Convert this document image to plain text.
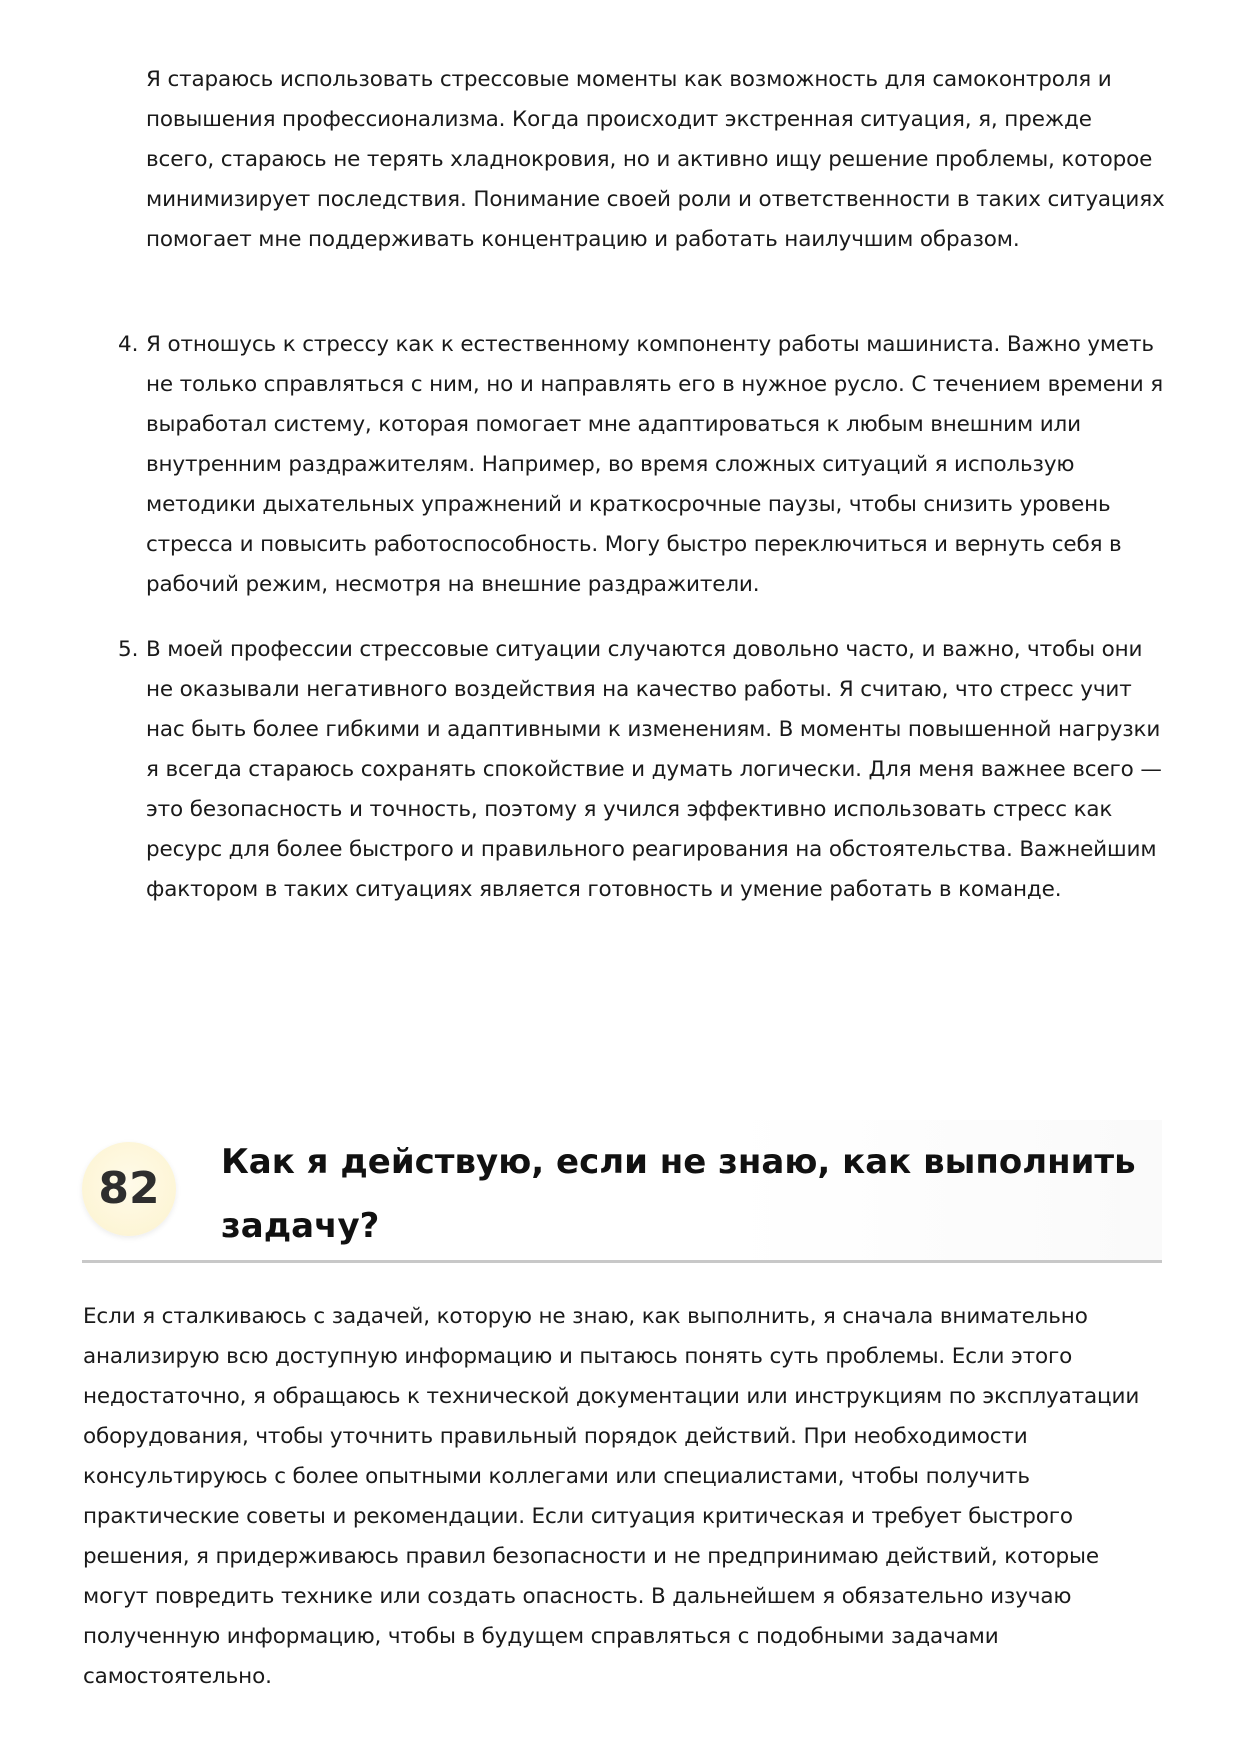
Я стараюсь использовать стрессовые моменты как возможность для самоконтроля и повышения профессионализма. Когда происходит экстренная ситуация, я, прежде всего, стараюсь не терять хладнокровия, но и активно ищу решение проблемы, которое минимизирует последствия. Понимание своей роли и ответственности в таких ситуациях помогает мне поддерживать концентрацию и работать наилучшим образом.

4. Я отношусь к стрессу как к естественному компоненту работы машиниста. Важно уметь не только справляться с ним, но и направлять его в нужное русло. С течением времени я выработал систему, которая помогает мне адаптироваться к любым внешним или внутренним раздражителям. Например, во время сложных ситуаций я использую методики дыхательных упражнений и краткосрочные паузы, чтобы снизить уровень стресса и повысить работоспособность. Могу быстро переключиться и вернуть себя в рабочий режим, несмотря на внешние раздражители.

5. В моей профессии стрессовые ситуации случаются довольно часто, и важно, чтобы они не оказывали негативного воздействия на качество работы. Я считаю, что стресс учит нас быть более гибкими и адаптивными к изменениям. В моменты повышенной нагрузки я всегда стараюсь сохранять спокойствие и думать логически. Для меня важнее всего — это безопасность и точность, поэтому я учился эффективно использовать стресс как ресурс для более быстрого и правильного реагирования на обстоятельства. Важнейшим фактором в таких ситуациях является готовность и умение работать в команде.

82
Как я действую, если не знаю, как выполнить задачу?

Если я сталкиваюсь с задачей, которую не знаю, как выполнить, я сначала внимательно анализирую всю доступную информацию и пытаюсь понять суть проблемы. Если этого недостаточно, я обращаюсь к технической документации или инструкциям по эксплуатации оборудования, чтобы уточнить правильный порядок действий. При необходимости консультируюсь с более опытными коллегами или специалистами, чтобы получить практические советы и рекомендации. Если ситуация критическая и требует быстрого решения, я придерживаюсь правил безопасности и не предпринимаю действий, которые могут повредить технике или создать опасность. В дальнейшем я обязательно изучаю полученную информацию, чтобы в будущем справляться с подобными задачами самостоятельно.
